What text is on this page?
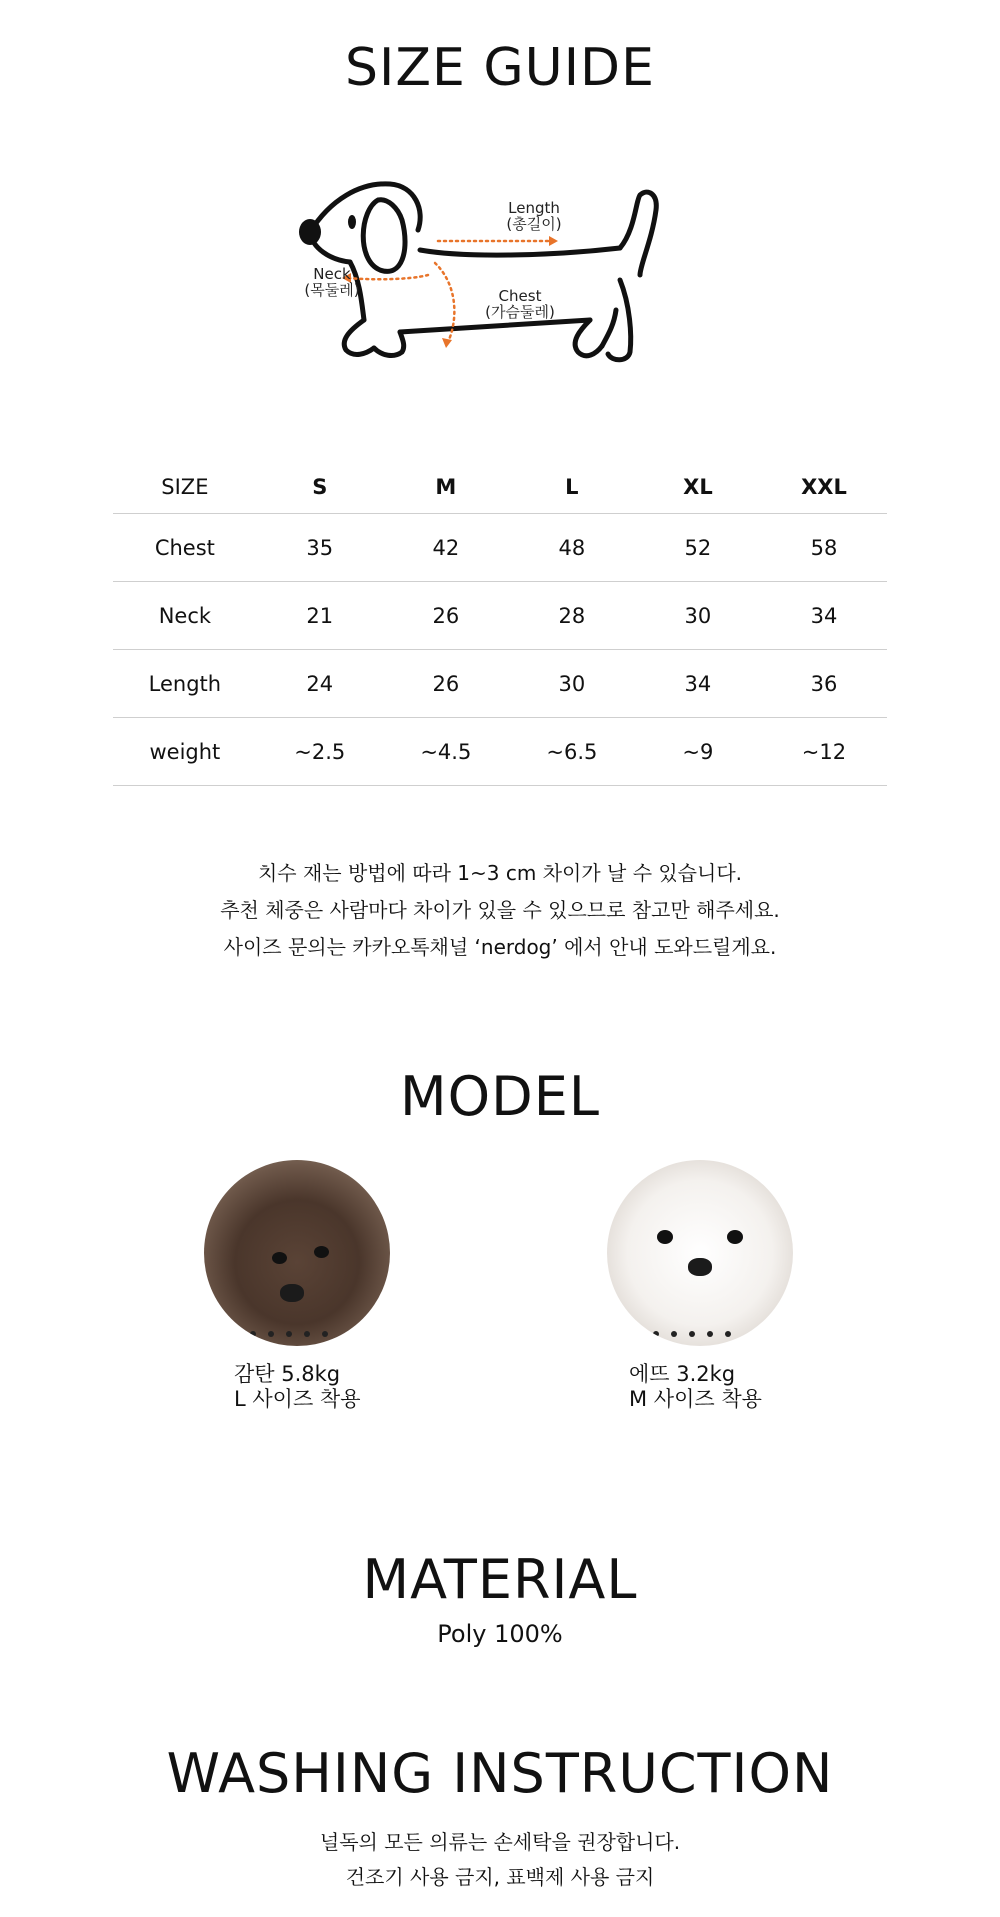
SIZE GUIDE
Length
(총길이)
Neck
(목둘레)	Chest
(가슴둘레)
SIZE	S	M	L	XL	XXL
Chest	35	42	48	52	58
Neck	21	26	28	30	34
Length	24	26	30	34	36
weight	~2.5	~4.5	~6.5	~9	~12

치수 재는 방법에 따라 1~3 cm 차이가 날 수 있습니다.

추천 체중은 사람마다 차이가 있을 수 있으므로 참고만 해주세요.

사이즈 문의는 카카오톡채널 ‘nerdog’ 에서 안내 도와드릴게요.

MODEL
감탄 5.8kg
L 사이즈 착용
에뜨 3.2kg
M 사이즈 착용
MATERIAL
Poly 100%
WASHING INSTRUCTION

널독의 모든 의류는 손세탁을 권장합니다.

건조기 사용 금지, 표백제 사용 금지
